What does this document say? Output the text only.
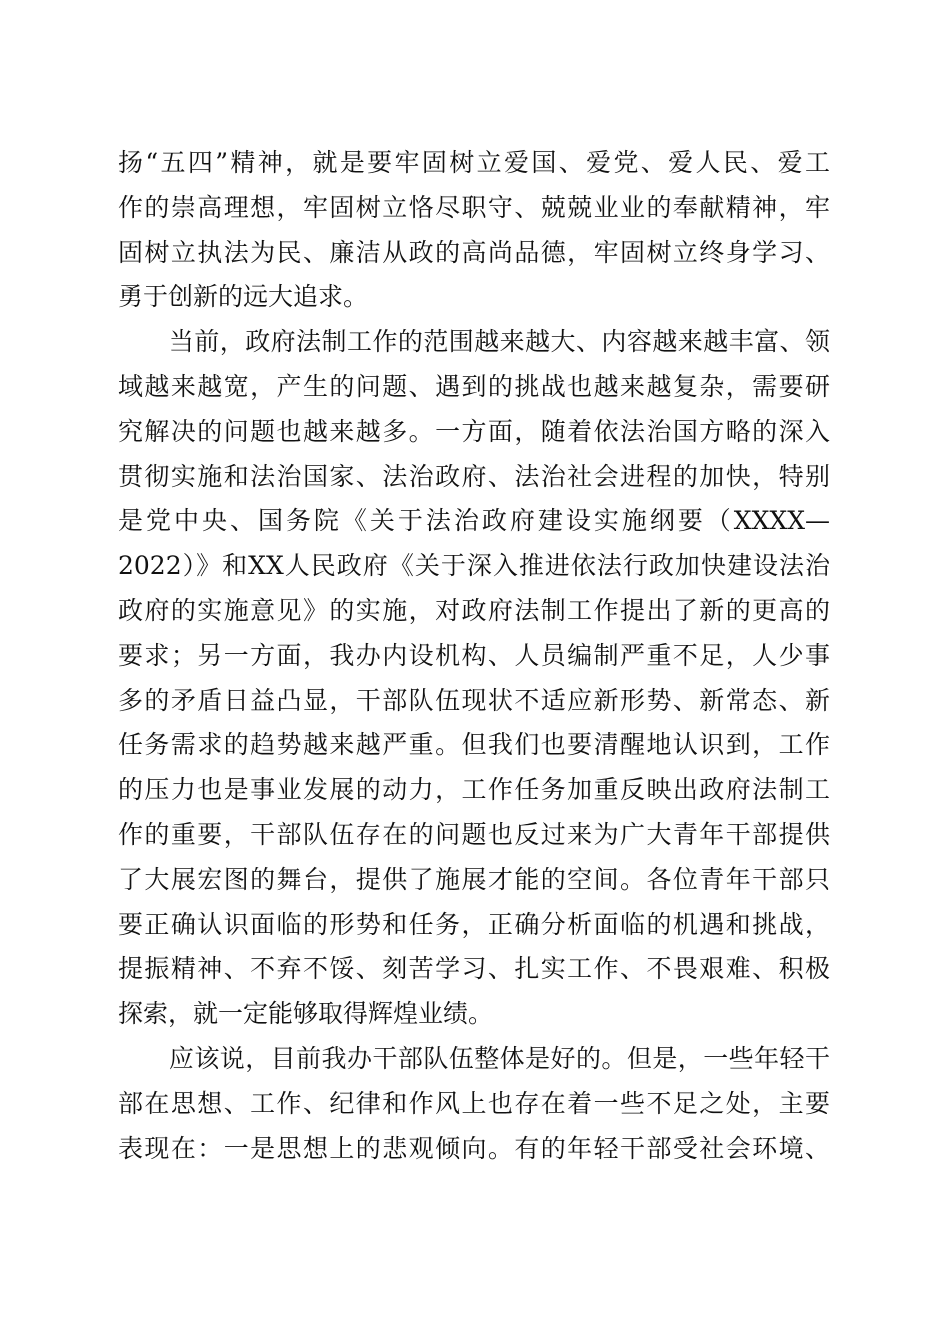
扬“五四”精神，就是要牢固树立爱国、爱党、爱人民、爱工
作的崇高理想，牢固树立恪尽职守、兢兢业业的奉献精神，牢
固树立执法为民、廉洁从政的高尚品德，牢固树立终身学习、
勇于创新的远大追求。
　　当前，政府法制工作的范围越来越大、内容越来越丰富、领
域越来越宽，产生的问题、遇到的挑战也越来越复杂，需要研
究解决的问题也越来越多。一方面，随着依法治国方略的深入
贯彻实施和法治国家、法治政府、法治社会进程的加快，特别
是党中央、国务院《关于法治政府建设实施纲要（XXXX—
2022）》和XX人民政府《关于深入推进依法行政加快建设法治
政府的实施意见》的实施，对政府法制工作提出了新的更高的
要求；另一方面，我办内设机构、人员编制严重不足，人少事
多的矛盾日益凸显，干部队伍现状不适应新形势、新常态、新
任务需求的趋势越来越严重。但我们也要清醒地认识到，工作
的压力也是事业发展的动力，工作任务加重反映出政府法制工
作的重要，干部队伍存在的问题也反过来为广大青年干部提供
了大展宏图的舞台，提供了施展才能的空间。各位青年干部只
要正确认识面临的形势和任务，正确分析面临的机遇和挑战，
提振精神、不弃不馁、刻苦学习、扎实工作、不畏艰难、积极
探索，就一定能够取得辉煌业绩。
　　应该说，目前我办干部队伍整体是好的。但是，一些年轻干
部在思想、工作、纪律和作风上也存在着一些不足之处，主要
表现在：一是思想上的悲观倾向。有的年轻干部受社会环境、
